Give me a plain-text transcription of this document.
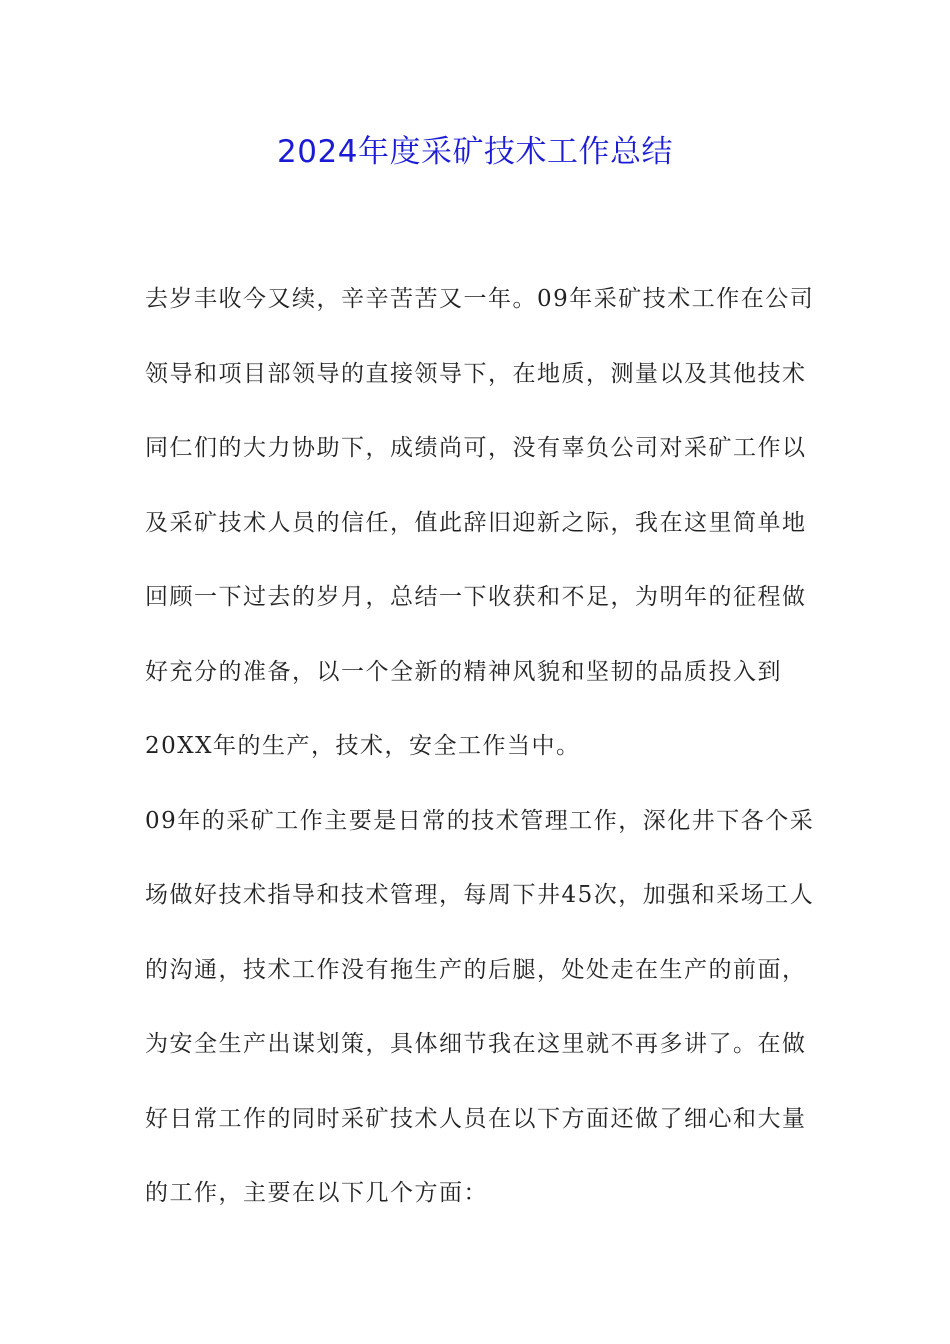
2024年度采矿技术工作总结
去岁丰收今又续，辛辛苦苦又一年。09年采矿技术工作在公司
领导和项目部领导的直接领导下，在地质，测量以及其他技术
同仁们的大力协助下，成绩尚可，没有辜负公司对采矿工作以
及采矿技术人员的信任，值此辞旧迎新之际，我在这里简单地
回顾一下过去的岁月，总结一下收获和不足，为明年的征程做
好充分的准备，以一个全新的精神风貌和坚韧的品质投入到
20XX年的生产，技术，安全工作当中。
09年的采矿工作主要是日常的技术管理工作，深化井下各个采
场做好技术指导和技术管理，每周下井45次，加强和采场工人
的沟通，技术工作没有拖生产的后腿，处处走在生产的前面，
为安全生产出谋划策，具体细节我在这里就不再多讲了。在做
好日常工作的同时采矿技术人员在以下方面还做了细心和大量
的工作，主要在以下几个方面：
